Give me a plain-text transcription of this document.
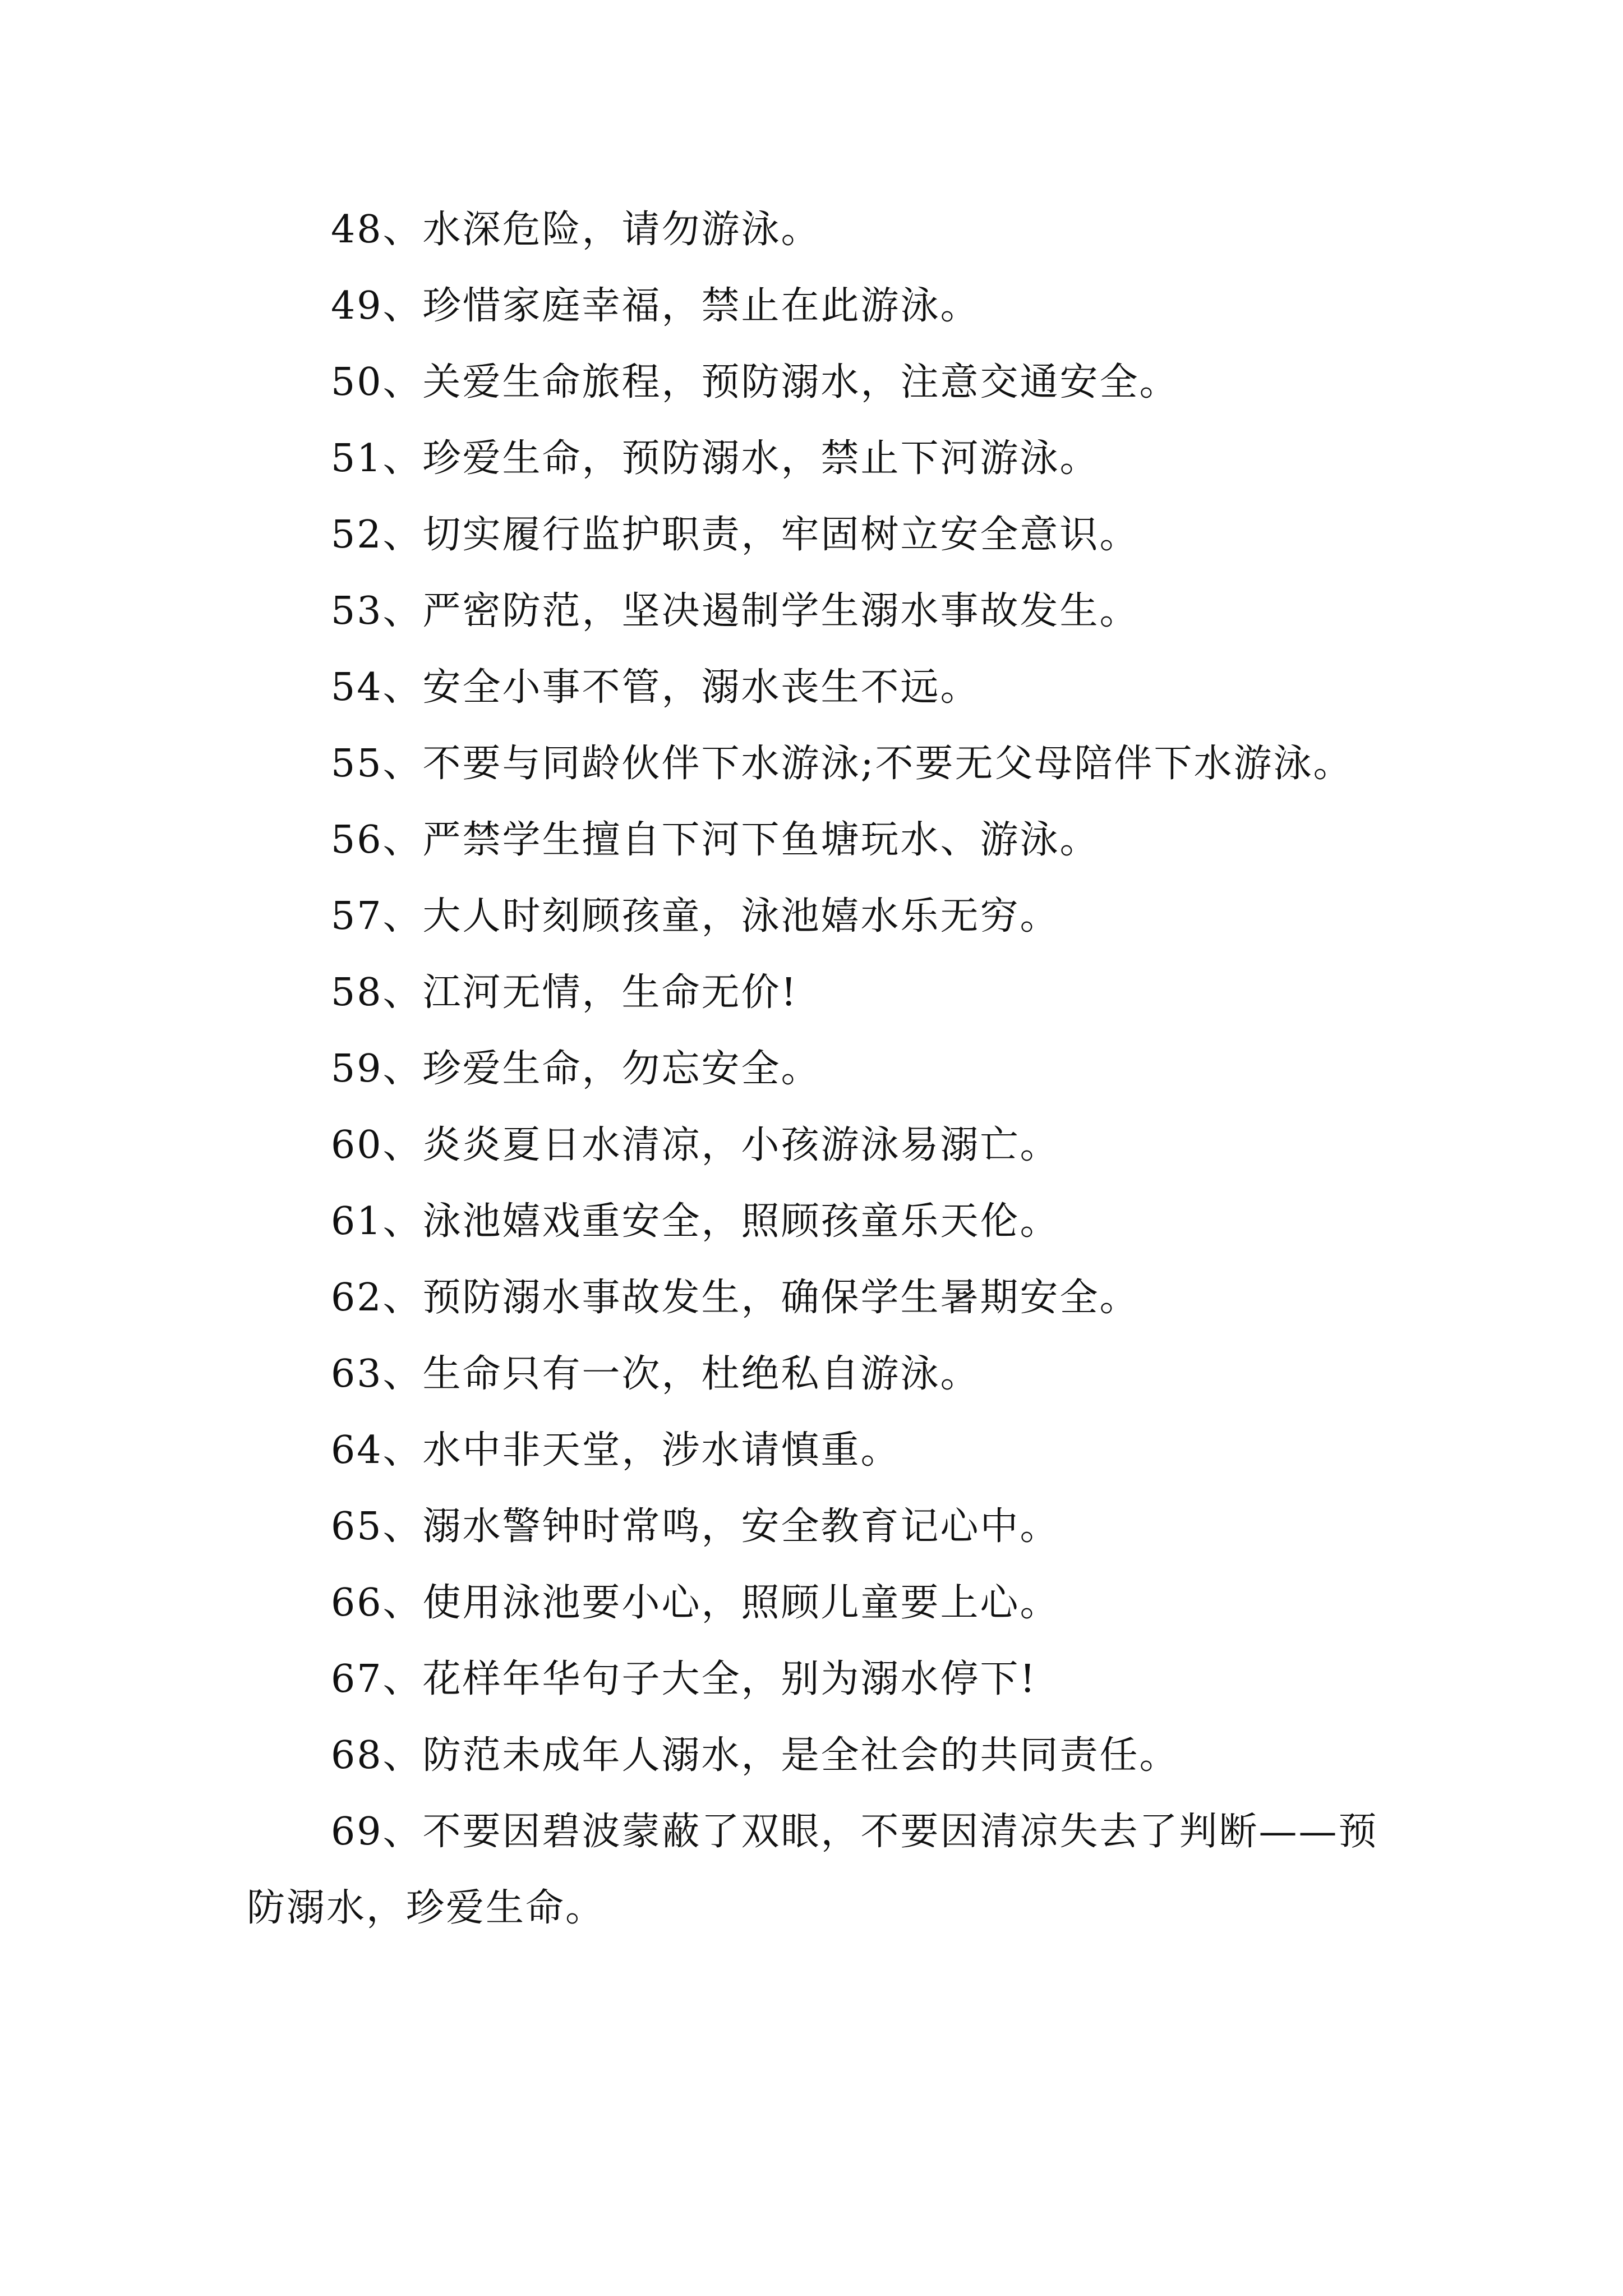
48、水深危险，请勿游泳。

49、珍惜家庭幸福，禁止在此游泳。

50、关爱生命旅程，预防溺水，注意交通安全。

51、珍爱生命，预防溺水，禁止下河游泳。

52、切实履行监护职责，牢固树立安全意识。

53、严密防范，坚决遏制学生溺水事故发生。

54、安全小事不管，溺水丧生不远。

55、不要与同龄伙伴下水游泳;不要无父母陪伴下水游泳。

56、严禁学生擅自下河下鱼塘玩水、游泳。

57、大人时刻顾孩童，泳池嬉水乐无穷。

58、江河无情，生命无价!

59、珍爱生命，勿忘安全。

60、炎炎夏日水清凉，小孩游泳易溺亡。

61、泳池嬉戏重安全，照顾孩童乐天伦。

62、预防溺水事故发生，确保学生暑期安全。

63、生命只有一次，杜绝私自游泳。

64、水中非天堂，涉水请慎重。

65、溺水警钟时常鸣，安全教育记心中。

66、使用泳池要小心，照顾儿童要上心。

67、花样年华句子大全，别为溺水停下!

68、防范未成年人溺水，是全社会的共同责任。

69、不要因碧波蒙蔽了双眼，不要因清凉失去了判断——预防溺水，珍爱生命。
